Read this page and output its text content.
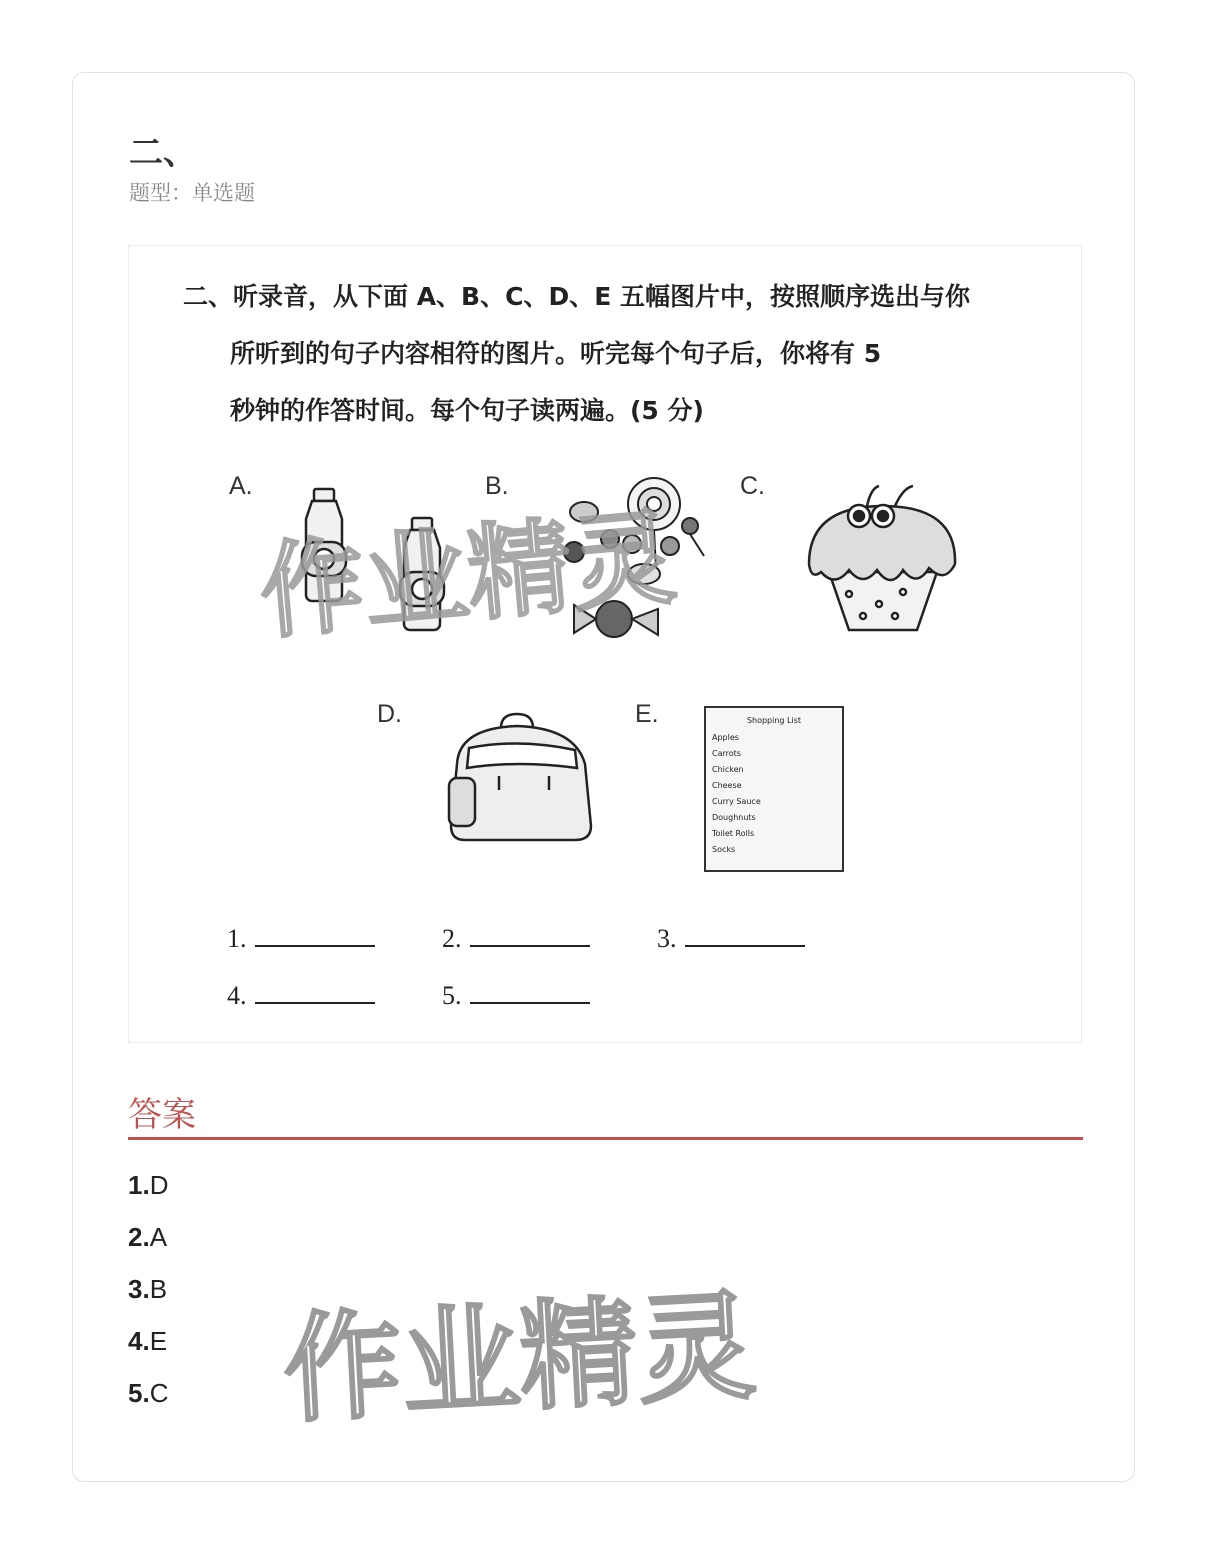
二、
题型：单选题
二、听录音，从下面 A、B、C、D、E 五幅图片中，按照顺序选出与你
所听到的句子内容相符的图片。听完每个句子后，你将有 5
秒钟的作答时间。每个句子读两遍。(5 分)
A.	B.	C.
D.	E.	Shopping List
Apples
Carrots
Chicken
Cheese
Curry Sauce
Doughnuts
Toilet Rolls
Socks
1.	2.	3.
4.	5.
作业精灵
答案
1.D
2.A
3.B
4.E
5.C 作业精灵
